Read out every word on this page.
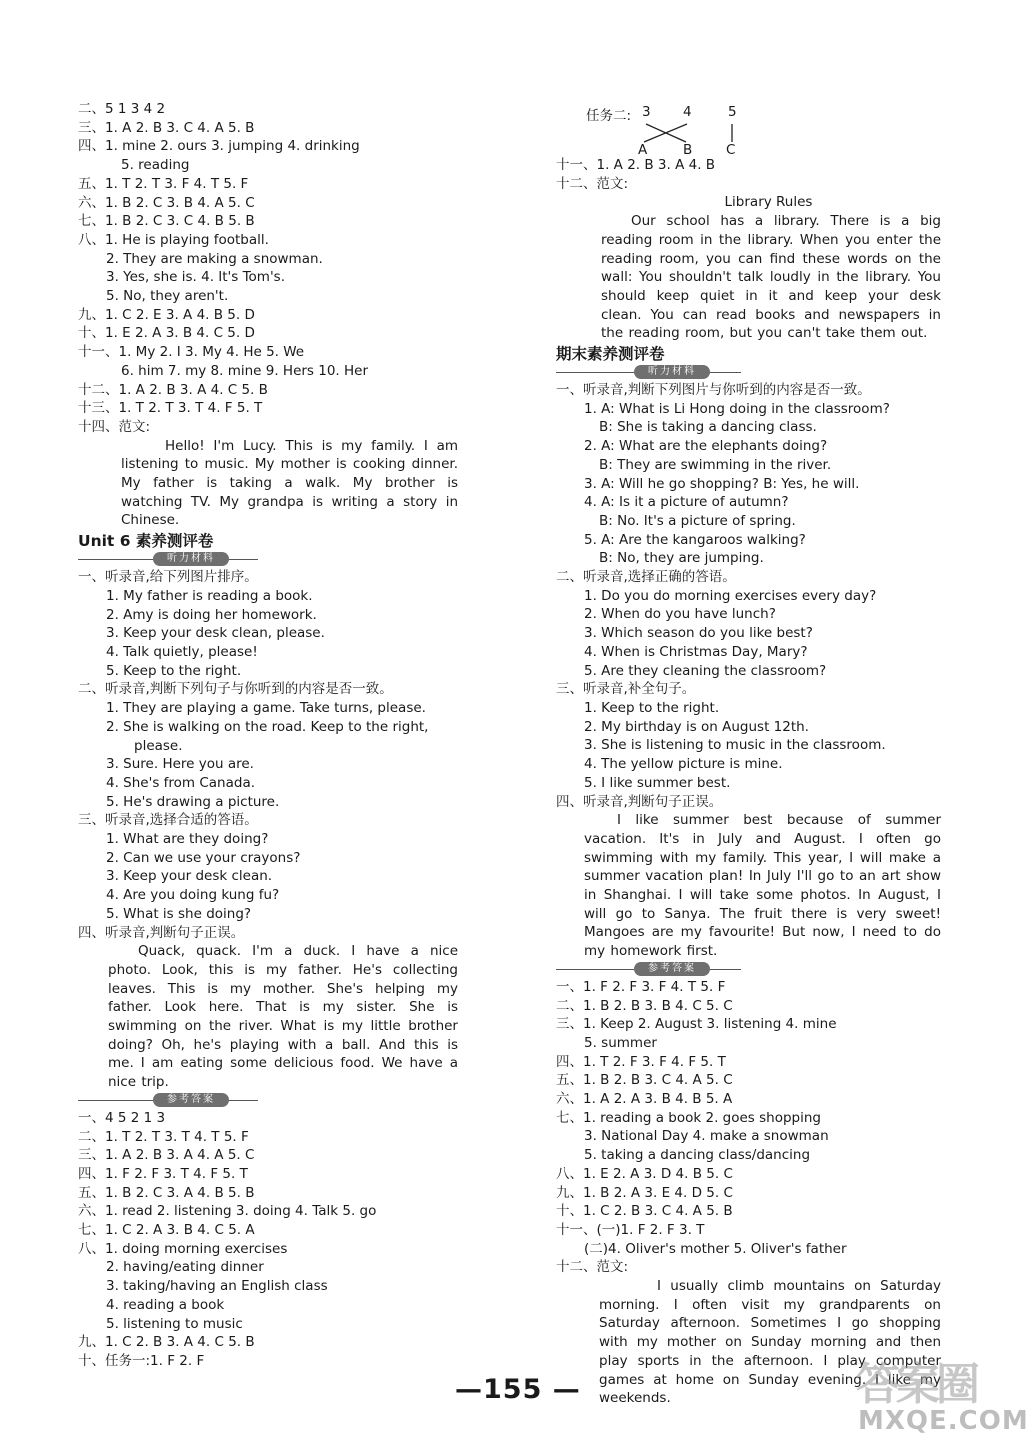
二、5 1 3 4 2
三、1. A 2. B 3. C 4. A 5. B
四、1. mine 2. ours 3. jumping 4. drinking
5. reading
五、1. T 2. T 3. F 4. T 5. F
六、1. B 2. C 3. B 4. A 5. C
七、1. B 2. C 3. C 4. B 5. B
八、1. He is playing football.
2. They are making a snowman.
3. Yes, she is. 4. It's Tom's.
5. No, they aren't.
九、1. C 2. E 3. A 4. B 5. D
十、1. E 2. A 3. B 4. C 5. D
十一、1. My 2. I 3. My 4. He 5. We
6. him 7. my 8. mine 9. Hers 10. Her
十二、1. A 2. B 3. A 4. C 5. B
十三、1. T 2. T 3. T 4. F 5. T
十四、范文:
Hello! I'm Lucy. This is my family. I am listening to music. My mother is cooking dinner. My father is taking a walk. My brother is watching TV. My grandpa is writing a story in Chinese.
Unit 6 素养测评卷
听力材料
一、听录音,给下列图片排序。
1. My father is reading a book.
2. Amy is doing her homework.
3. Keep your desk clean, please.
4. Talk quietly, please!
5. Keep to the right.
二、听录音,判断下列句子与你听到的内容是否一致。
1. They are playing a game. Take turns, please.
2. She is walking on the road. Keep to the right,
please.
3. Sure. Here you are.
4. She's from Canada.
5. He's drawing a picture.
三、听录音,选择合适的答语。
1. What are they doing?
2. Can we use your crayons?
3. Keep your desk clean.
4. Are you doing kung fu?
5. What is she doing?
四、听录音,判断句子正误。
Quack, quack. I'm a duck. I have a nice photo. Look, this is my father. He's collecting leaves. This is my mother. She's helping my father. Look here. That is my sister. She is swimming on the river. What is my little brother doing? Oh, he's playing with a ball. And this is me. I am eating some delicious food. We have a nice trip.
参考答案
一、4 5 2 1 3
二、1. T 2. T 3. T 4. T 5. F
三、1. A 2. B 3. A 4. A 5. C
四、1. F 2. F 3. T 4. F 5. T
五、1. B 2. C 3. A 4. B 5. B
六、1. read 2. listening 3. doing 4. Talk 5. go
七、1. C 2. A 3. B 4. C 5. A
八、1. doing morning exercises
2. having/eating dinner
3. taking/having an English class
4. reading a book
5. listening to music
九、1. C 2. B 3. A 4. C 5. B
十、任务一:1. F 2. F
任务二: 3 4	5
A	B C
十一、1. A 2. B 3. A 4. B
十二、范文:
Library Rules
Our school has a library. There is a big reading room in the library. When you enter the reading room, you can find these words on the wall: You shouldn't talk loudly in the library. You should keep quiet in it and keep your desk clean. You can read books and newspapers in the reading room, but you can't take them out.
期末素养测评卷
听力材料
一、听录音,判断下列图片与你听到的内容是否一致。
1. A: What is Li Hong doing in the classroom?
B: She is taking a dancing class.
2. A: What are the elephants doing?
B: They are swimming in the river.
3. A: Will he go shopping? B: Yes, he will.
4. A: Is it a picture of autumn?
B: No. It's a picture of spring.
5. A: Are the kangaroos walking?
B: No, they are jumping.
二、听录音,选择正确的答语。
1. Do you do morning exercises every day?
2. When do you have lunch?
3. Which season do you like best?
4. When is Christmas Day, Mary?
5. Are they cleaning the classroom?
三、听录音,补全句子。
1. Keep to the right.
2. My birthday is on August 12th.
3. She is listening to music in the classroom.
4. The yellow picture is mine.
5. I like summer best.
四、听录音,判断句子正误。
I like summer best because of summer vacation. It's in July and August. I often go swimming with my family. This year, I will make a summer vacation plan! In July I'll go to an art show in Shanghai. I will take some photos. In August, I will go to Sanya. The fruit there is very sweet! Mangoes are my favourite! But now, I need to do my homework first.
参考答案
一、1. F 2. F 3. F 4. T 5. F
二、1. B 2. B 3. B 4. C 5. C
三、1. Keep 2. August 3. listening 4. mine
5. summer
四、1. T 2. F 3. F 4. F 5. T
五、1. B 2. B 3. C 4. A 5. C
六、1. A 2. A 3. B 4. B 5. A
七、1. reading a book 2. goes shopping
3. National Day 4. make a snowman
5. taking a dancing class/dancing
八、1. E 2. A 3. D 4. B 5. C
九、1. B 2. A 3. E 4. D 5. C
十、1. C 2. B 3. C 4. A 5. B
十一、(一)1. F 2. F 3. T
(二)4. Oliver's mother 5. Oliver's father
十二、范文:
I usually climb mountains on Saturday morning. I often visit my grandparents on Saturday afternoon. Sometimes I go shopping with my mother on Sunday morning and then play sports in the afternoon. I play computer games at home on Sunday evening. I like my weekends.
—155 —	答案圈
MXQE.COM
